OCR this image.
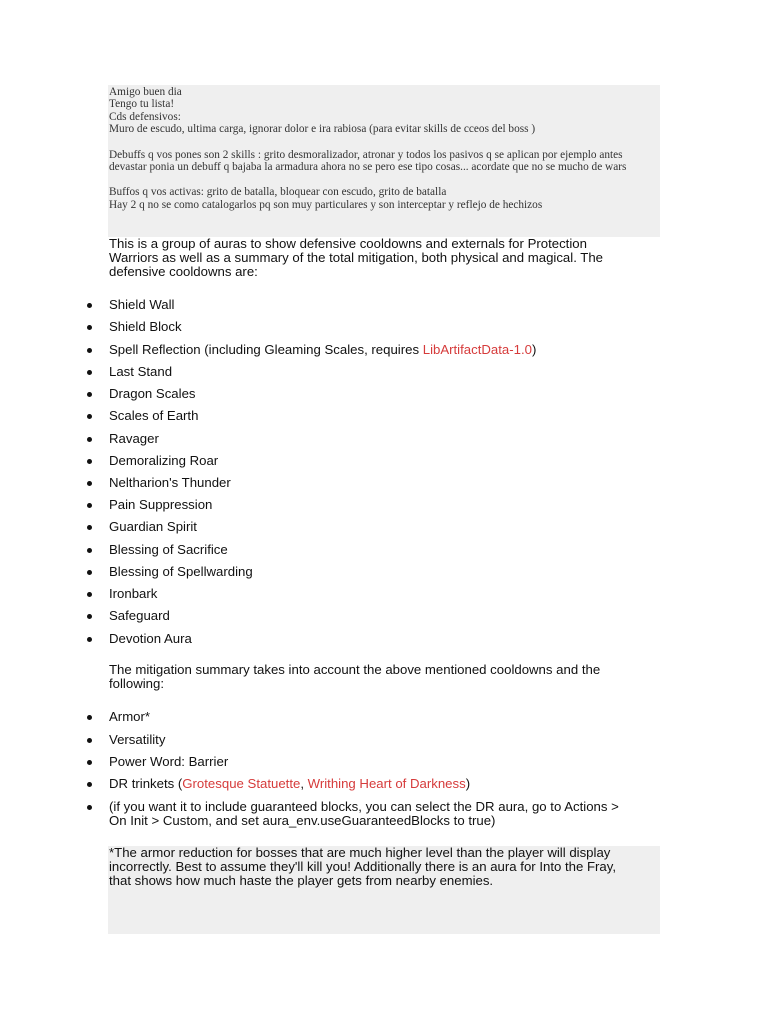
Amigo buen dia

Tengo tu lista!

Cds defensivos:

Muro de escudo, ultima carga, ignorar dolor e ira rabiosa (para evitar skills de cceos del boss )

Debuffs q vos pones son 2 skills : grito desmoralizador, atronar y todos los pasivos q se aplican por ejemplo antes

devastar ponia un debuff q bajaba la armadura ahora no se pero ese tipo cosas... acordate que no se mucho de wars

Buffos q vos activas: grito de batalla, bloquear con escudo, grito de batalla

Hay 2 q no se como catalogarlos pq son muy particulares y son interceptar y reflejo de hechizos

This is a group of auras to show defensive cooldowns and externals for Protection
Warriors as well as a summary of the total mitigation, both physical and magical. The
defensive cooldowns are:
Shield Wall
Shield Block
Spell Reflection (including Gleaming Scales, requires LibArtifactData-1.0)
Last Stand
Dragon Scales
Scales of Earth
Ravager
Demoralizing Roar
Neltharion's Thunder
Pain Suppression
Guardian Spirit
Blessing of Sacrifice
Blessing of Spellwarding
Ironbark
Safeguard
Devotion Aura
The mitigation summary takes into account the above mentioned cooldowns and the
following:
Armor*
Versatility
Power Word: Barrier
DR trinkets (Grotesque Statuette, Writhing Heart of Darkness)
(if you want it to include guaranteed blocks, you can select the DR aura, go to Actions >
On Init > Custom, and set aura_env.useGuaranteedBlocks to true)
*The armor reduction for bosses that are much higher level than the player will display
incorrectly. Best to assume they'll kill you! Additionally there is an aura for Into the Fray,
that shows how much haste the player gets from nearby enemies.
